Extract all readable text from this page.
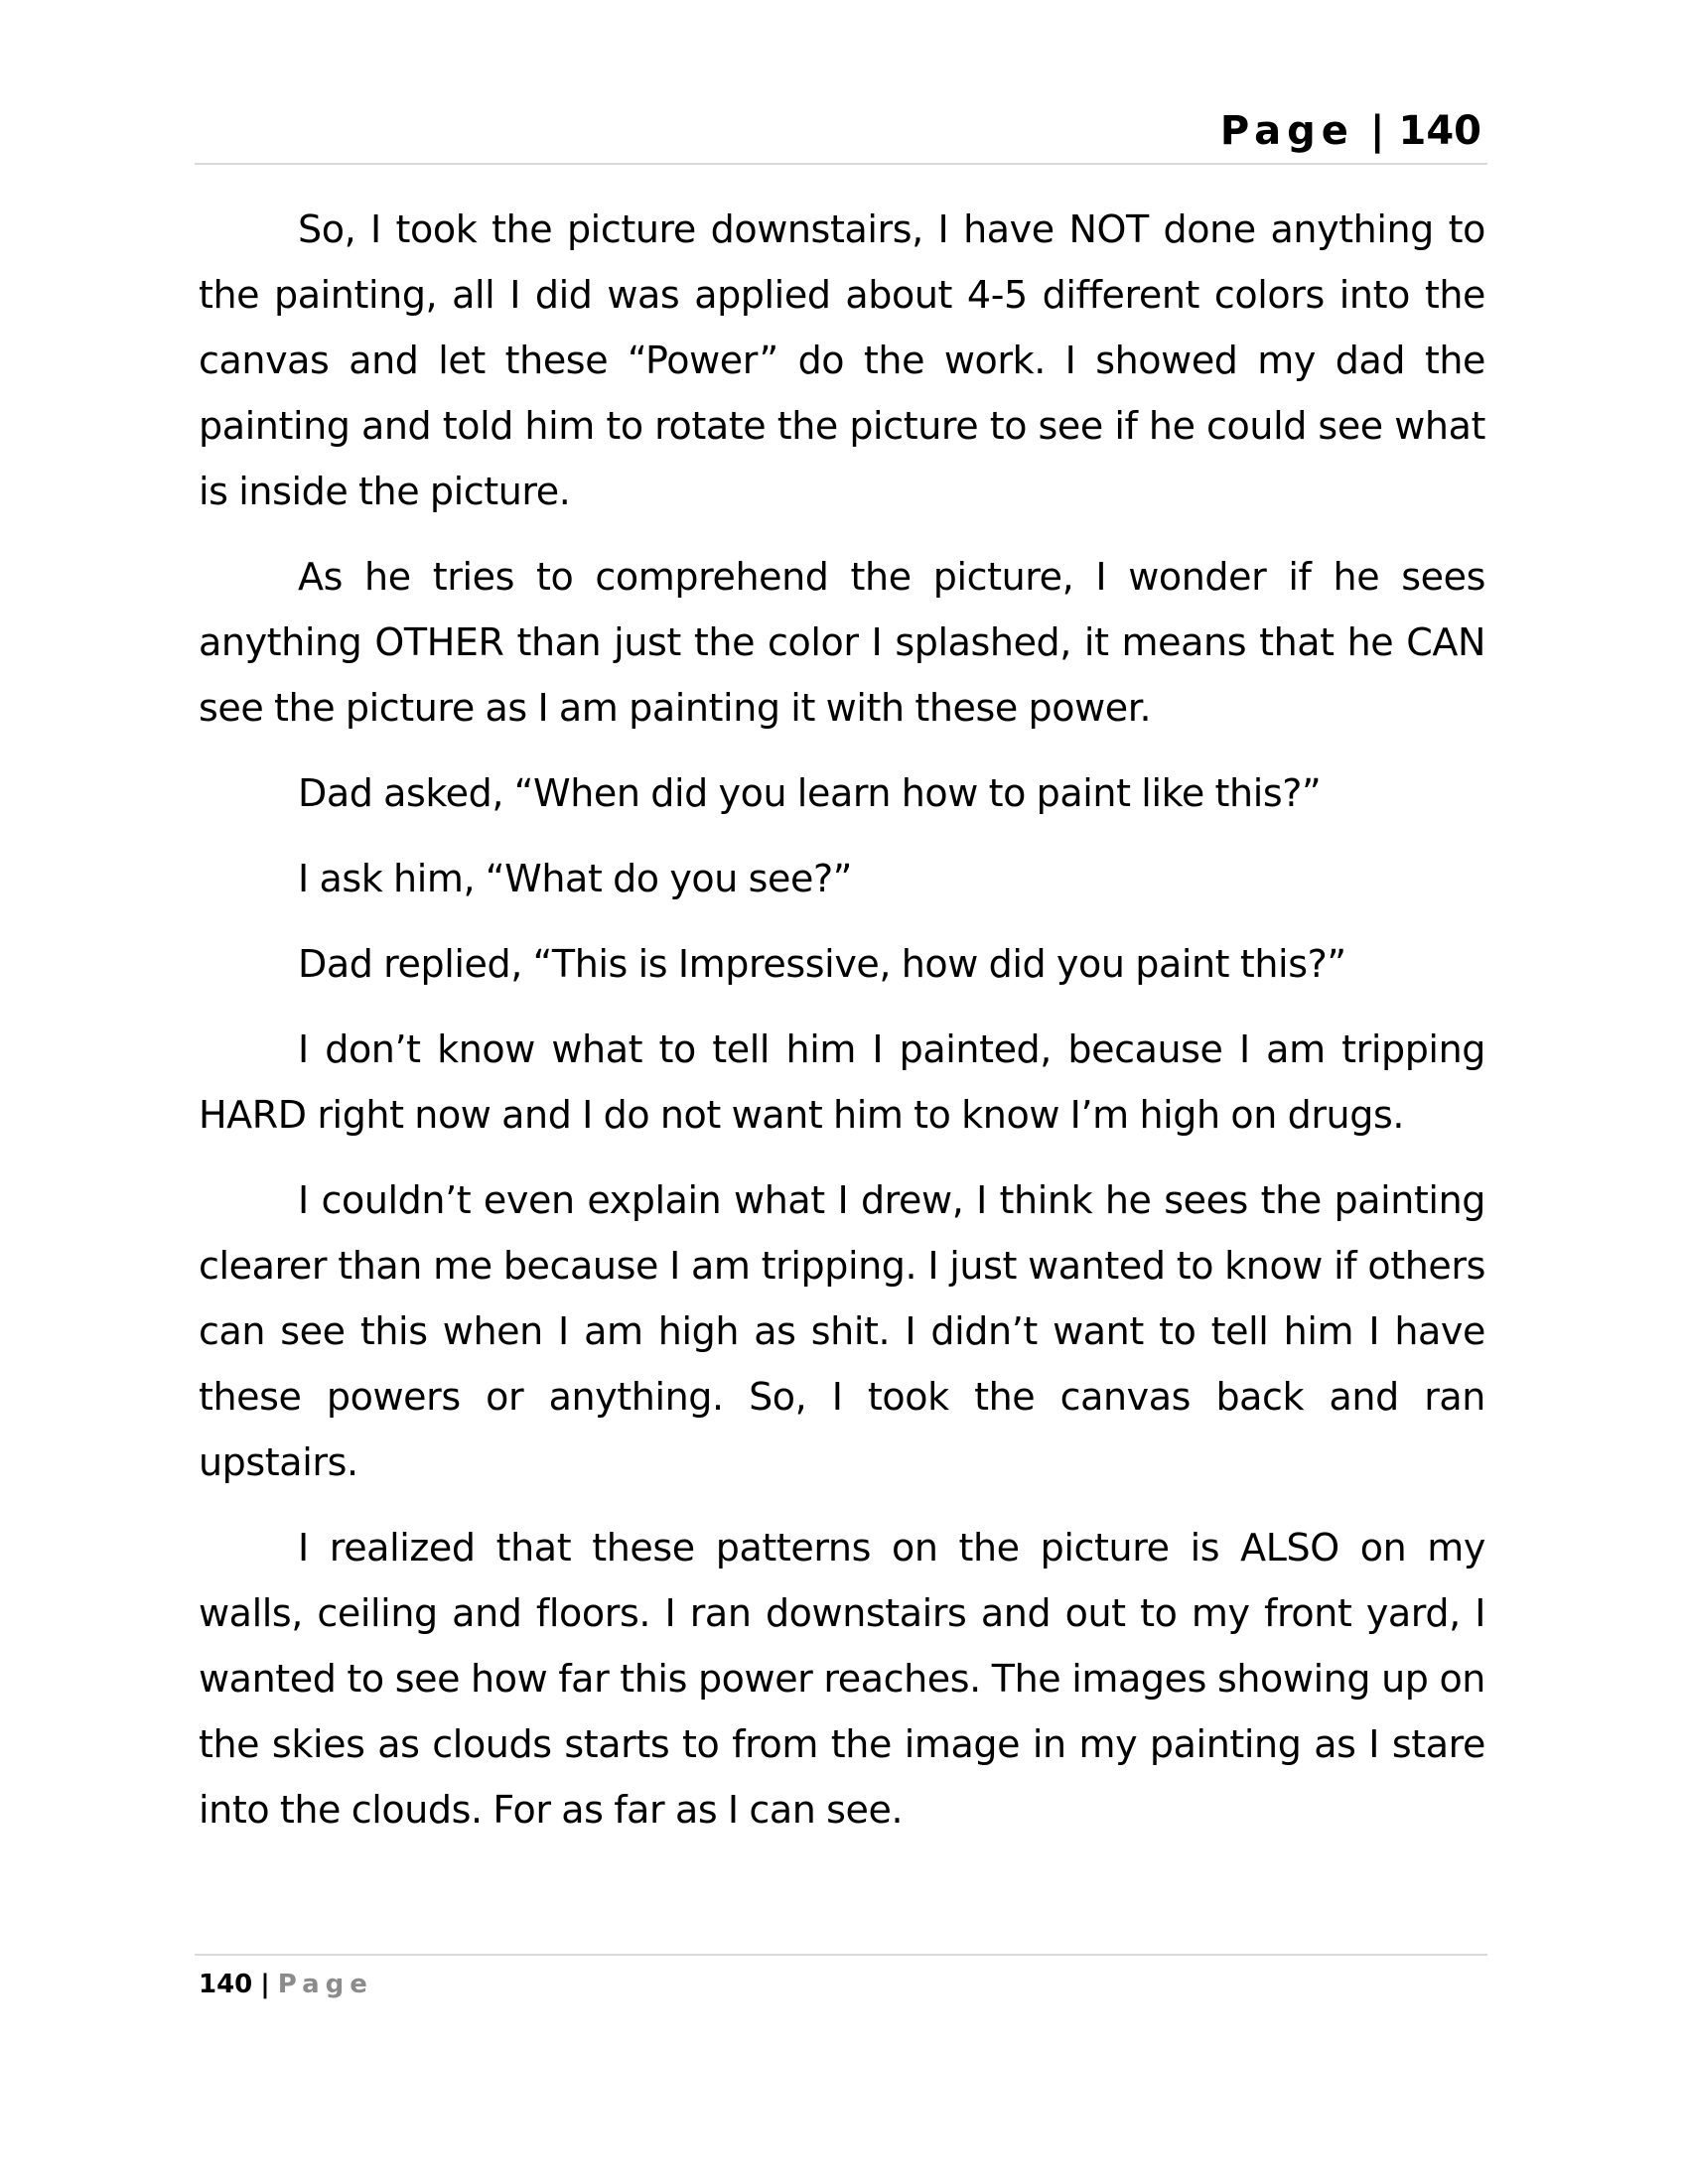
Page | 140

So, I took the picture downstairs, I have NOT done anything to the painting, all I did was applied about 4-5 different colors into the canvas and let these “Power” do the work. I showed my dad the painting and told him to rotate the picture to see if he could see what is inside the picture.

As he tries to comprehend the picture, I wonder if he sees anything OTHER than just the color I splashed, it means that he CAN see the picture as I am painting it with these power.

Dad asked, “When did you learn how to paint like this?”

I ask him, “What do you see?”

Dad replied, “This is Impressive, how did you paint this?”

I don’t know what to tell him I painted, because I am tripping HARD right now and I do not want him to know I’m high on drugs.

I couldn’t even explain what I drew, I think he sees the painting clearer than me because I am tripping. I just wanted to know if others can see this when I am high as shit. I didn’t want to tell him I have these powers or anything. So, I took the canvas back and ran upstairs.

I realized that these patterns on the picture is ALSO on my walls, ceiling and floors. I ran downstairs and out to my front yard, I wanted to see how far this power reaches. The images showing up on the skies as clouds starts to from the image in my painting as I stare into the clouds. For as far as I can see.

140 | Page
